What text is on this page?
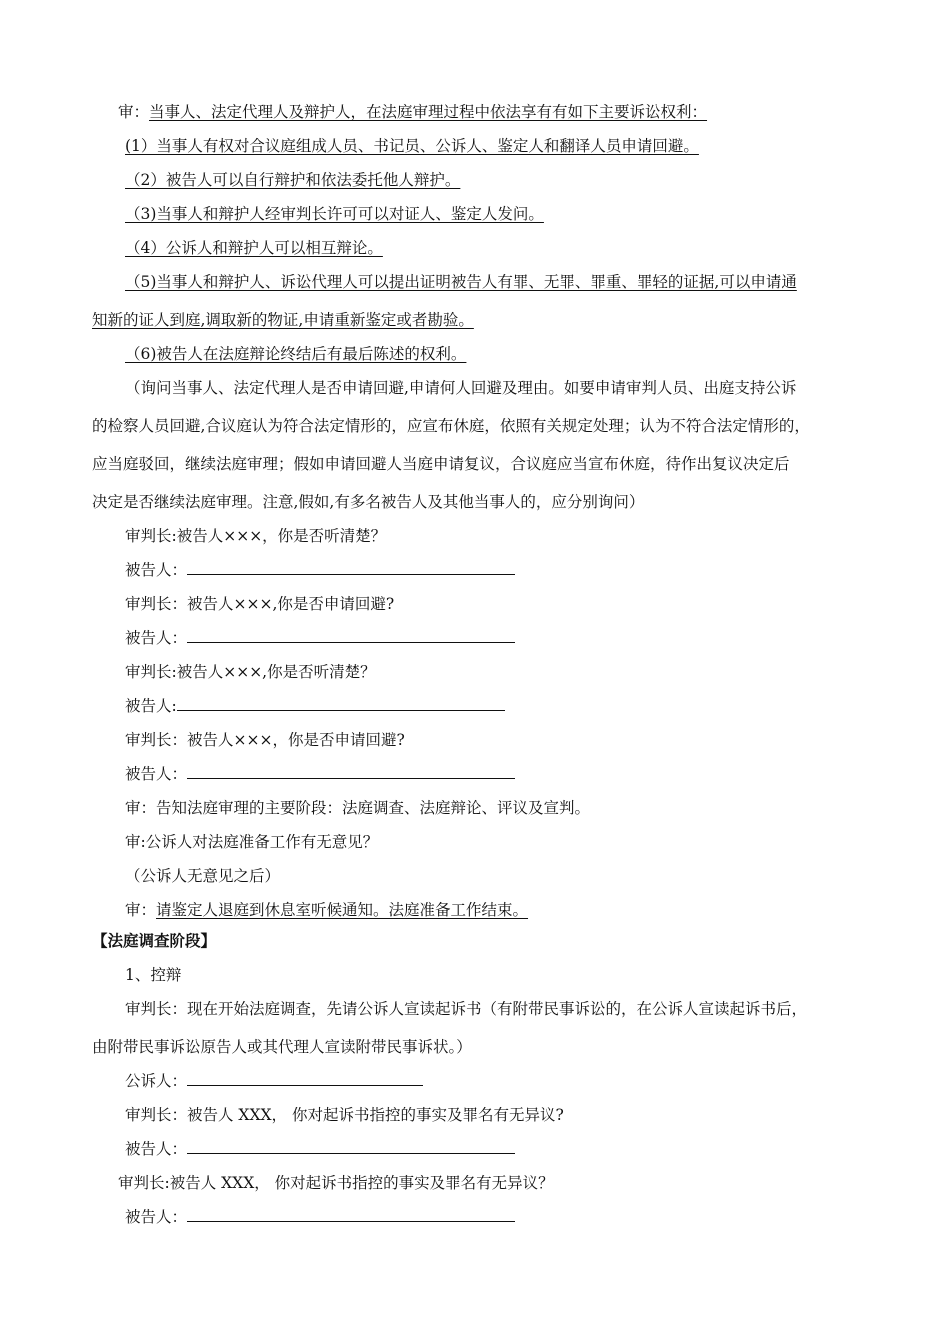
审：当事人、法定代理人及辩护人，在法庭审理过程中依法享有有如下主要诉讼权利：
(1）当事人有权对合议庭组成人员、书记员、公诉人、鉴定人和翻译人员申请回避。
（2）被告人可以自行辩护和依法委托他人辩护。
（3)当事人和辩护人经审判长许可可以对证人、鉴定人发问。
（4）公诉人和辩护人可以相互辩论。
（5)当事人和辩护人、诉讼代理人可以提出证明被告人有罪、无罪、罪重、罪轻的证据,可以申请通
知新的证人到庭,调取新的物证,申请重新鉴定或者勘验。
（6)被告人在法庭辩论终结后有最后陈述的权利。
（询问当事人、法定代理人是否申请回避,申请何人回避及理由。如要申请审判人员、出庭支持公诉
的检察人员回避,合议庭认为符合法定情形的，应宣布休庭，依照有关规定处理；认为不符合法定情形的，
应当庭驳回，继续法庭审理；假如申请回避人当庭申请复议，合议庭应当宣布休庭，待作出复议决定后
决定是否继续法庭审理。注意,假如,有多名被告人及其他当事人的，应分别询问）
审判长:被告人×××，你是否听清楚？
被告人：
审判长：被告人×××,你是否申请回避?
被告人：
审判长:被告人×××,你是否听清楚？
被告人:
审判长：被告人×××，你是否申请回避?
被告人：
审：告知法庭审理的主要阶段：法庭调查、法庭辩论、评议及宣判。
审:公诉人对法庭准备工作有无意见？
（公诉人无意见之后）
审：请鉴定人退庭到休息室听候通知。法庭准备工作结束。
【法庭调查阶段】
1、控辩
审判长：现在开始法庭调查，先请公诉人宣读起诉书（有附带民事诉讼的，在公诉人宣读起诉书后，
由附带民事诉讼原告人或其代理人宣读附带民事诉状。）
公诉人：
审判长：被告人 XXX， 你对起诉书指控的事实及罪名有无异议?
被告人：
审判长:被告人 XXX， 你对起诉书指控的事实及罪名有无异议？
被告人：
